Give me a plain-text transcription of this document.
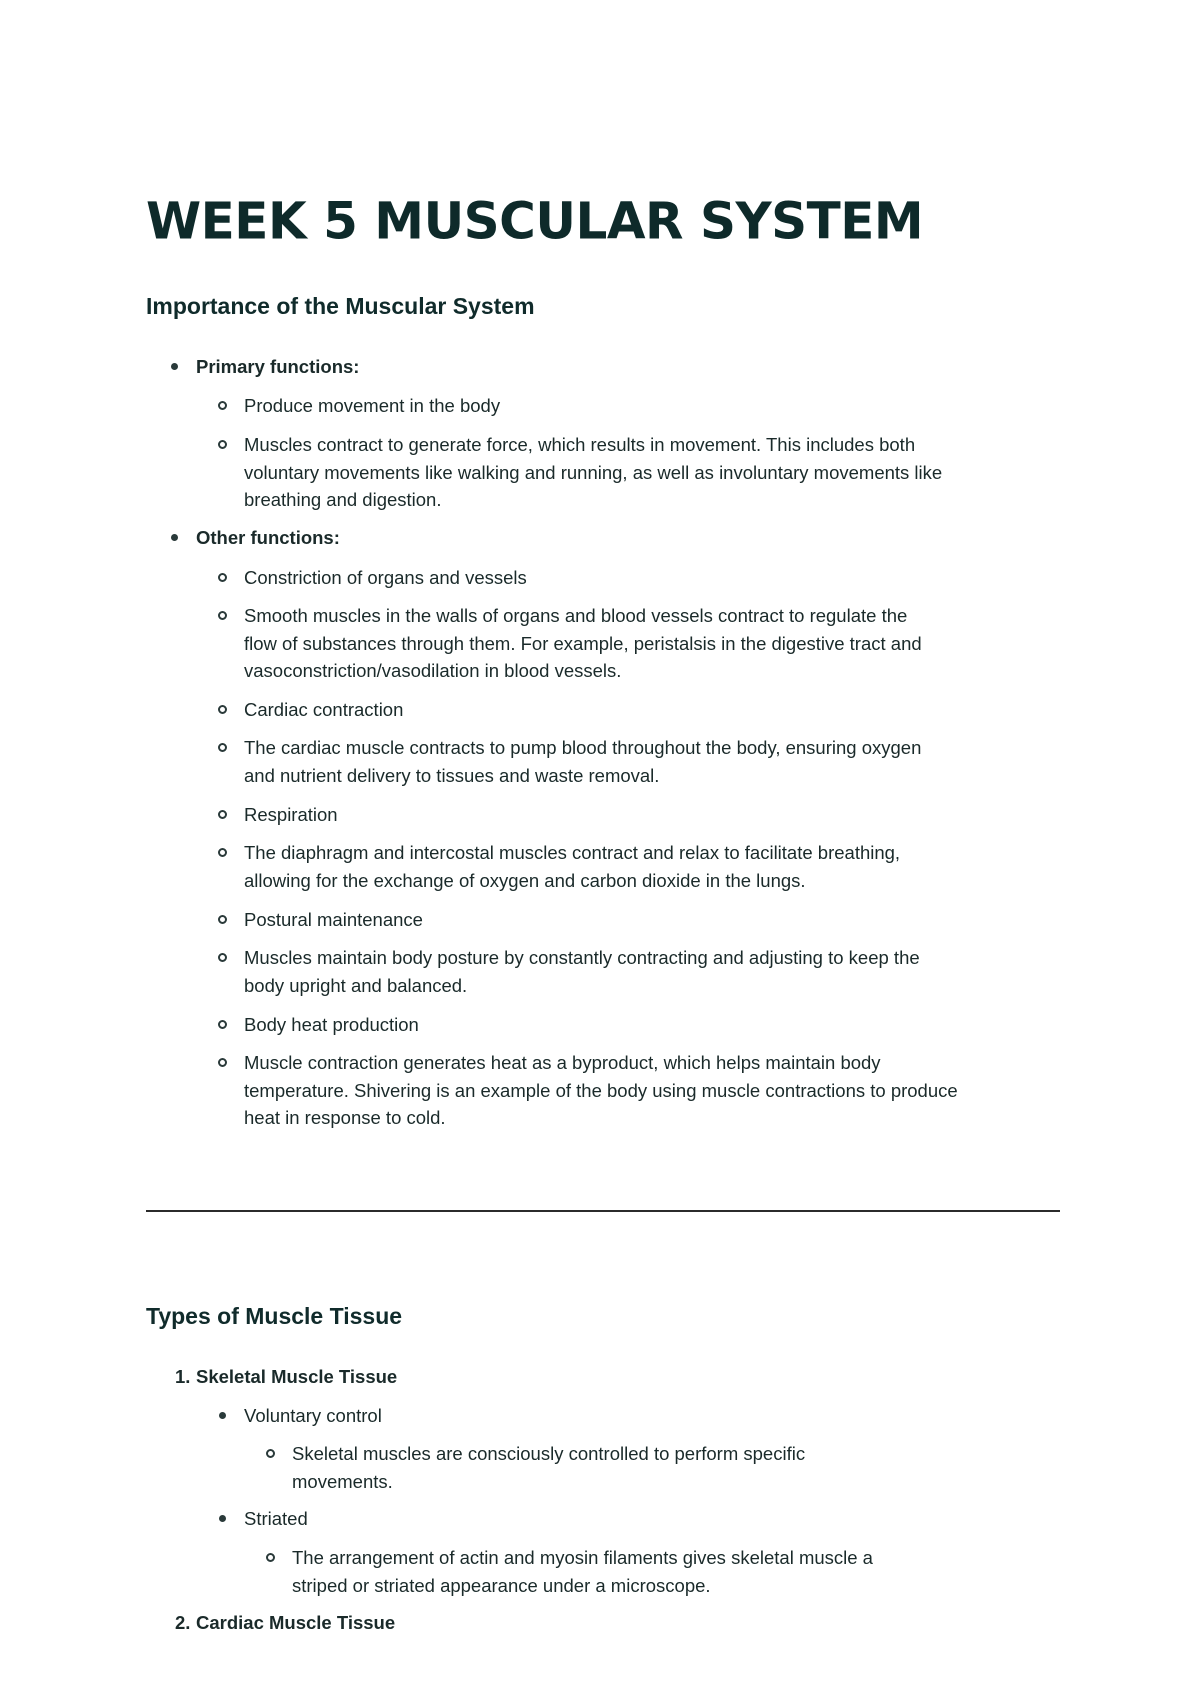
WEEK 5 MUSCULAR SYSTEM
Importance of the Muscular System
Primary functions:
Produce movement in the body
Muscles contract to generate force, which results in movement. This includes both voluntary movements like walking and running, as well as involuntary movements like breathing and digestion.
Other functions:
Constriction of organs and vessels
Smooth muscles in the walls of organs and blood vessels contract to regulate the flow of substances through them. For example, peristalsis in the digestive tract and vasoconstriction/vasodilation in blood vessels.
Cardiac contraction
The cardiac muscle contracts to pump blood throughout the body, ensuring oxygen and nutrient delivery to tissues and waste removal.
Respiration
The diaphragm and intercostal muscles contract and relax to facilitate breathing, allowing for the exchange of oxygen and carbon dioxide in the lungs.
Postural maintenance
Muscles maintain body posture by constantly contracting and adjusting to keep the body upright and balanced.
Body heat production
Muscle contraction generates heat as a byproduct, which helps maintain body temperature. Shivering is an example of the body using muscle contractions to produce heat in response to cold.
Types of Muscle Tissue
1. Skeletal Muscle Tissue
Voluntary control
Skeletal muscles are consciously controlled to perform specific movements.
Striated
The arrangement of actin and myosin filaments gives skeletal muscle a striped or striated appearance under a microscope.
2. Cardiac Muscle Tissue
